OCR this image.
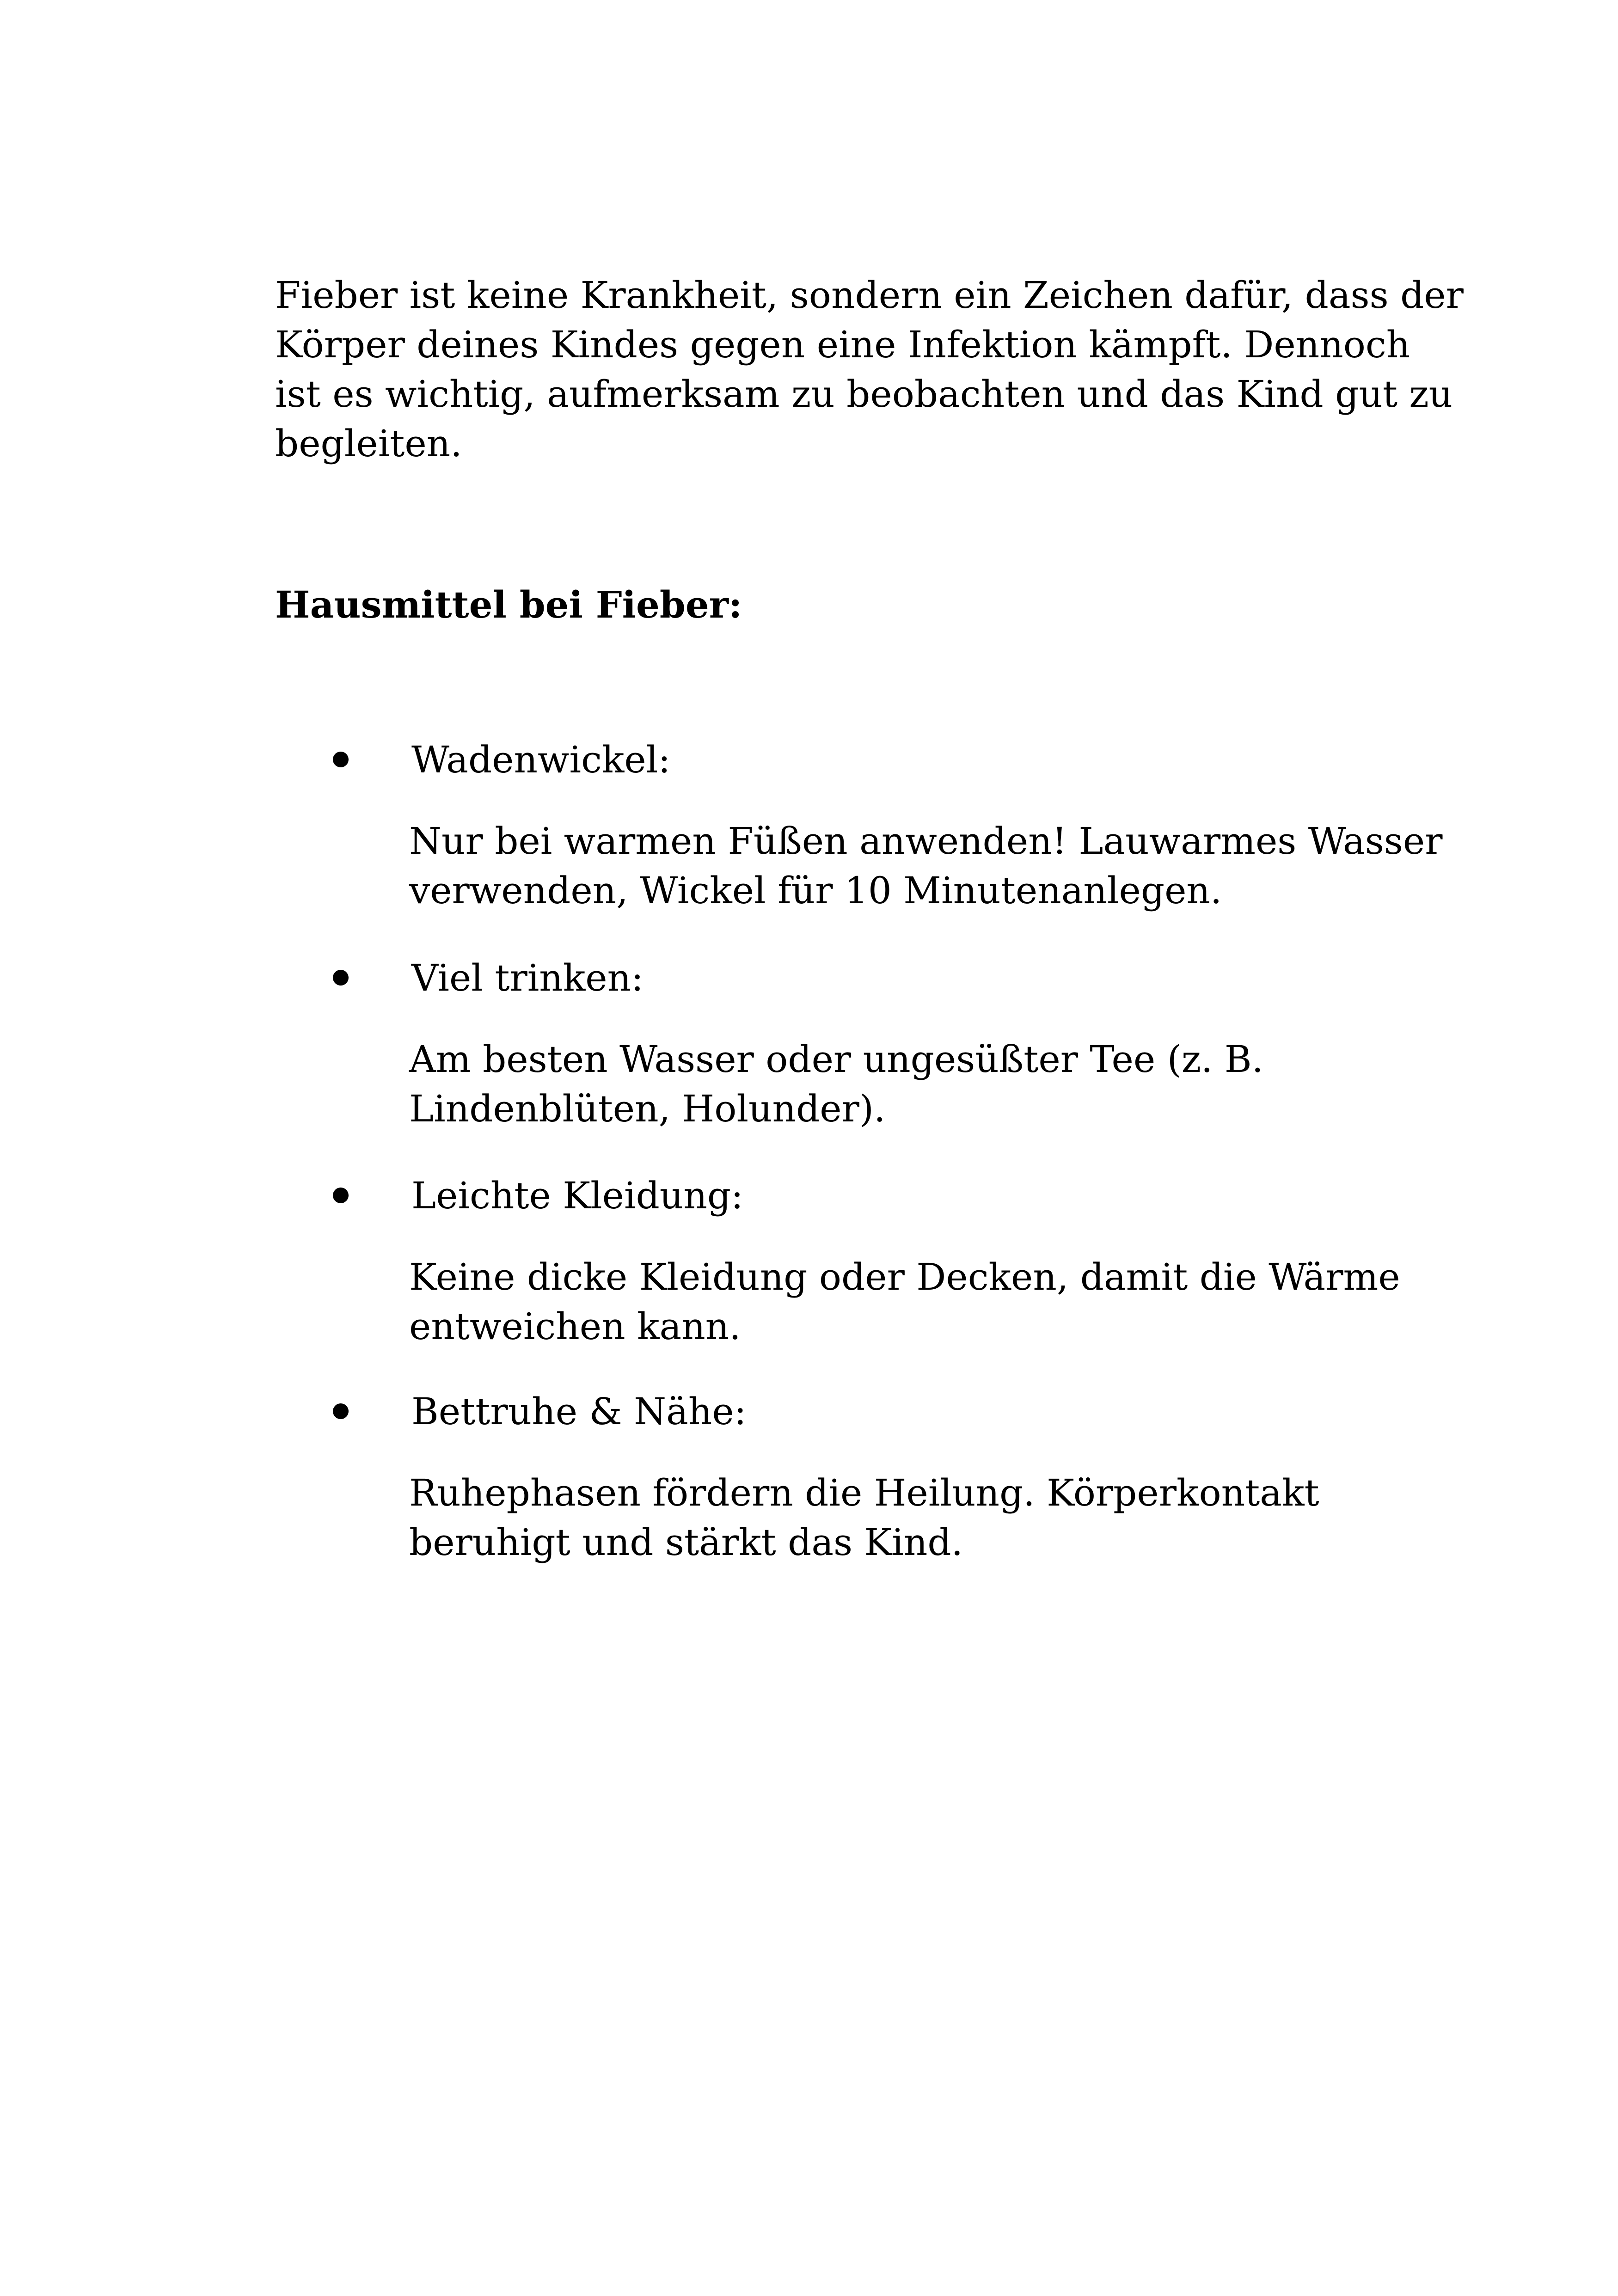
Fieber ist keine Krankheit, sondern ein Zeichen dafür, dass der
Körper deines Kindes gegen eine Infektion kämpft. Dennoch
ist es wichtig, aufmerksam zu beobachten und das Kind gut zu
begleiten.

Hausmittel bei Fieber:
Wadenwickel:
Nur bei warmen Füßen anwenden! Lauwarmes Wasser
verwenden, Wickel für 10 Minutenanlegen.
Viel trinken:
Am besten Wasser oder ungesüßter Tee (z. B.
Lindenblüten, Holunder).
Leichte Kleidung:
Keine dicke Kleidung oder Decken, damit die Wärme
entweichen kann.
Bettruhe & Nähe:
Ruhephasen fördern die Heilung. Körperkontakt
beruhigt und stärkt das Kind.
